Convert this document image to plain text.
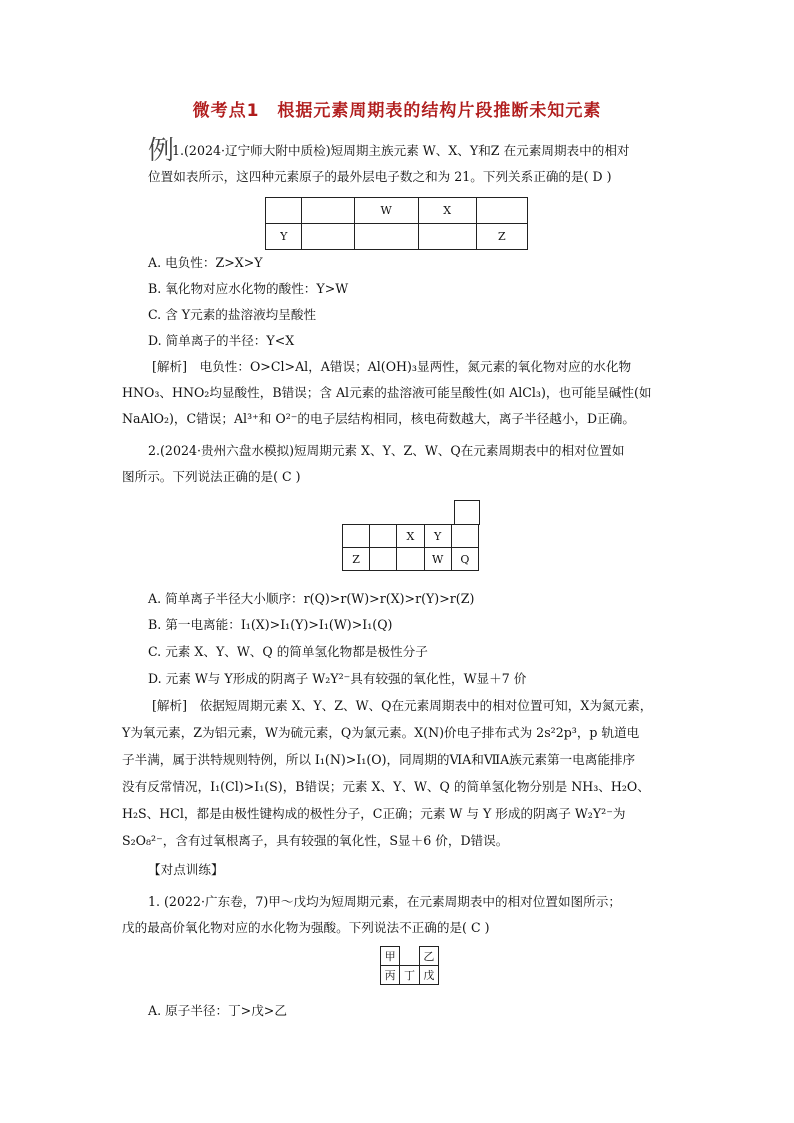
微考点1　根据元素周期表的结构片段推断未知元素
例
1.(2024·辽宁师大附中质检)短周期主族元素 W、X、Y和Z 在元素周期表中的相对
位置如表所示，这四种元素原子的最外层电子数之和为 21。下列关系正确的是( D )
		W	X	
Y				Z
A. 电负性：Z>X>Y
B. 氧化物对应水化物的酸性：Y>W
C. 含 Y元素的盐溶液均呈酸性
D. 简单离子的半径：Y<X
[解析]　电负性：O>Cl>Al，A错误；Al(OH)₃显两性，氮元素的氧化物对应的水化物
HNO₃、HNO₂均显酸性，B错误；含 Al元素的盐溶液可能呈酸性(如 AlCl₃)，也可能呈碱性(如
NaAlO₂)，C错误；Al³⁺和 O²⁻的电子层结构相同，核电荷数越大，离子半径越小，D正确。
2.(2024·贵州六盘水模拟)短周期元素 X、Y、Z、W、Q在元素周期表中的相对位置如
图所示。下列说法正确的是( C )
		X	Y	
Z			W	Q
A. 简单离子半径大小顺序：r(Q)>r(W)>r(X)>r(Y)>r(Z)
B. 第一电离能：I₁(X)>I₁(Y)>I₁(W)>I₁(Q)
C. 元素 X、Y、W、Q 的简单氢化物都是极性分子
D. 元素 W与 Y形成的阴离子 W₂Y²⁻具有较强的氧化性，W显＋7 价
[解析]　依据短周期元素 X、Y、Z、W、Q在元素周期表中的相对位置可知，X为氮元素，
Y为氧元素，Z为铝元素，W为硫元素，Q为氯元素。X(N)价电子排布式为 2s²2p³，p 轨道电
子半满，属于洪特规则特例，所以 I₁(N)>I₁(O)，同周期的ⅥA和ⅦA族元素第一电离能排序
没有反常情况，I₁(Cl)>I₁(S)，B错误；元素 X、Y、W、Q 的简单氢化物分别是 NH₃、H₂O、
H₂S、HCl，都是由极性键构成的极性分子，C正确；元素 W 与 Y 形成的阴离子 W₂Y²⁻为
S₂O₈²⁻，含有过氧根离子，具有较强的氧化性，S显＋6 价，D错误。
【对点训练】
1. (2022·广东卷，7)甲～戊均为短周期元素，在元素周期表中的相对位置如图所示；
戊的最高价氧化物对应的水化物为强酸。下列说法不正确的是( C )
甲		乙
丙	丁	戊
A. 原子半径：丁>戊>乙
